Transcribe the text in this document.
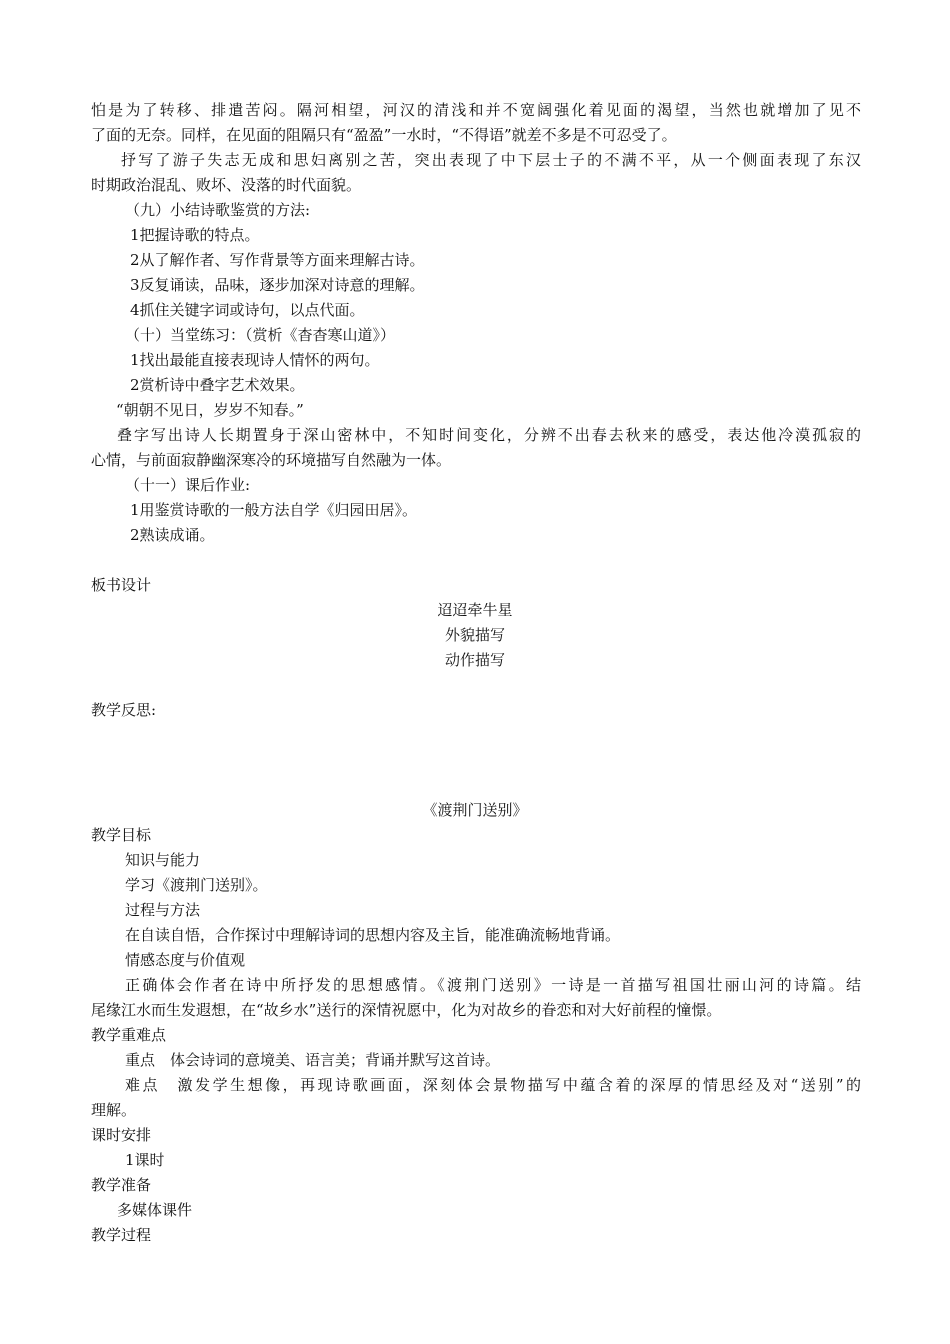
怕是为了转移、排遣苦闷。隔河相望，河汉的清浅和并不宽阔强化着见面的渴望，当然也就增加了见不
了面的无奈。同样，在见面的阻隔只有“盈盈”一水时，“不得语”就差不多是不可忍受了。
抒写了游子失志无成和思妇离别之苦，突出表现了中下层士子的不满不平，从一个侧面表现了东汉
时期政治混乱、败坏、没落的时代面貌。
（九）小结诗歌鉴赏的方法:
1把握诗歌的特点。
2从了解作者、写作背景等方面来理解古诗。
3反复诵读，品味，逐步加深对诗意的理解。
4抓住关键字词或诗句，以点代面。
（十）当堂练习：（赏析《杳杳寒山道》）
1找出最能直接表现诗人情怀的两句。
2赏析诗中叠字艺术效果。
“朝朝不见日，岁岁不知春。”
叠字写出诗人长期置身于深山密林中，不知时间变化，分辨不出春去秋来的感受，表达他冷漠孤寂的
心情，与前面寂静幽深寒冷的环境描写自然融为一体。
（十一）课后作业:
1用鉴赏诗歌的一般方法自学《归园田居》。
2熟读成诵。
板书设计
迢迢牵牛星
外貌描写
动作描写
教学反思:
《渡荆门送别》
教学目标
知识与能力
学习《渡荆门送别》。
过程与方法
在自读自悟，合作探讨中理解诗词的思想内容及主旨，能准确流畅地背诵。
情感态度与价值观
正确体会作者在诗中所抒发的思想感情。《渡荆门送别》一诗是一首描写祖国壮丽山河的诗篇。结
尾缘江水而生发遐想，在“故乡水”送行的深情祝愿中，化为对故乡的眷恋和对大好前程的憧憬。
教学重难点
重点　体会诗词的意境美、语言美；背诵并默写这首诗。
难点　激发学生想像，再现诗歌画面，深刻体会景物描写中蕴含着的深厚的情思经及对“送别”的
理解。
课时安排
1课时
教学准备
多媒体课件
教学过程
